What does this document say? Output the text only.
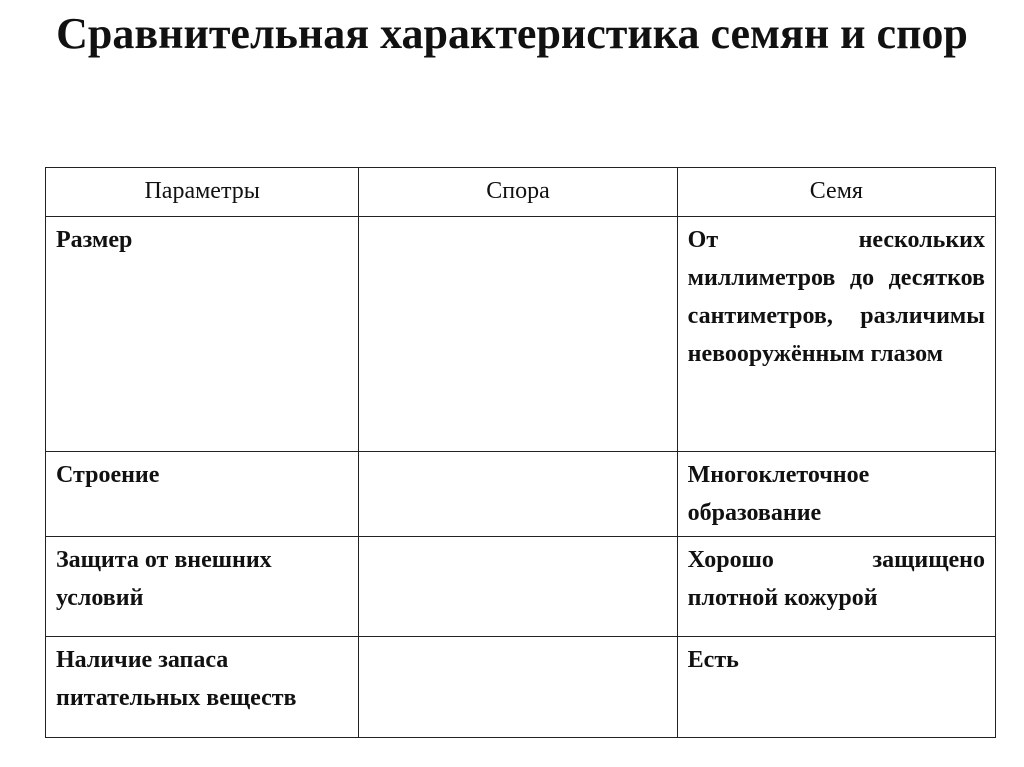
Сравнительная характеристика семян и спор
Параметры	Спора	Семя
Размер		От нескольких миллиметров до десятков сантиметров, различимы невооружённым глазом
Строение		Многоклеточное образование
Защита от внешних условий		Хорошо защищено плотной кожурой
Наличие запаса питательных веществ		Есть
